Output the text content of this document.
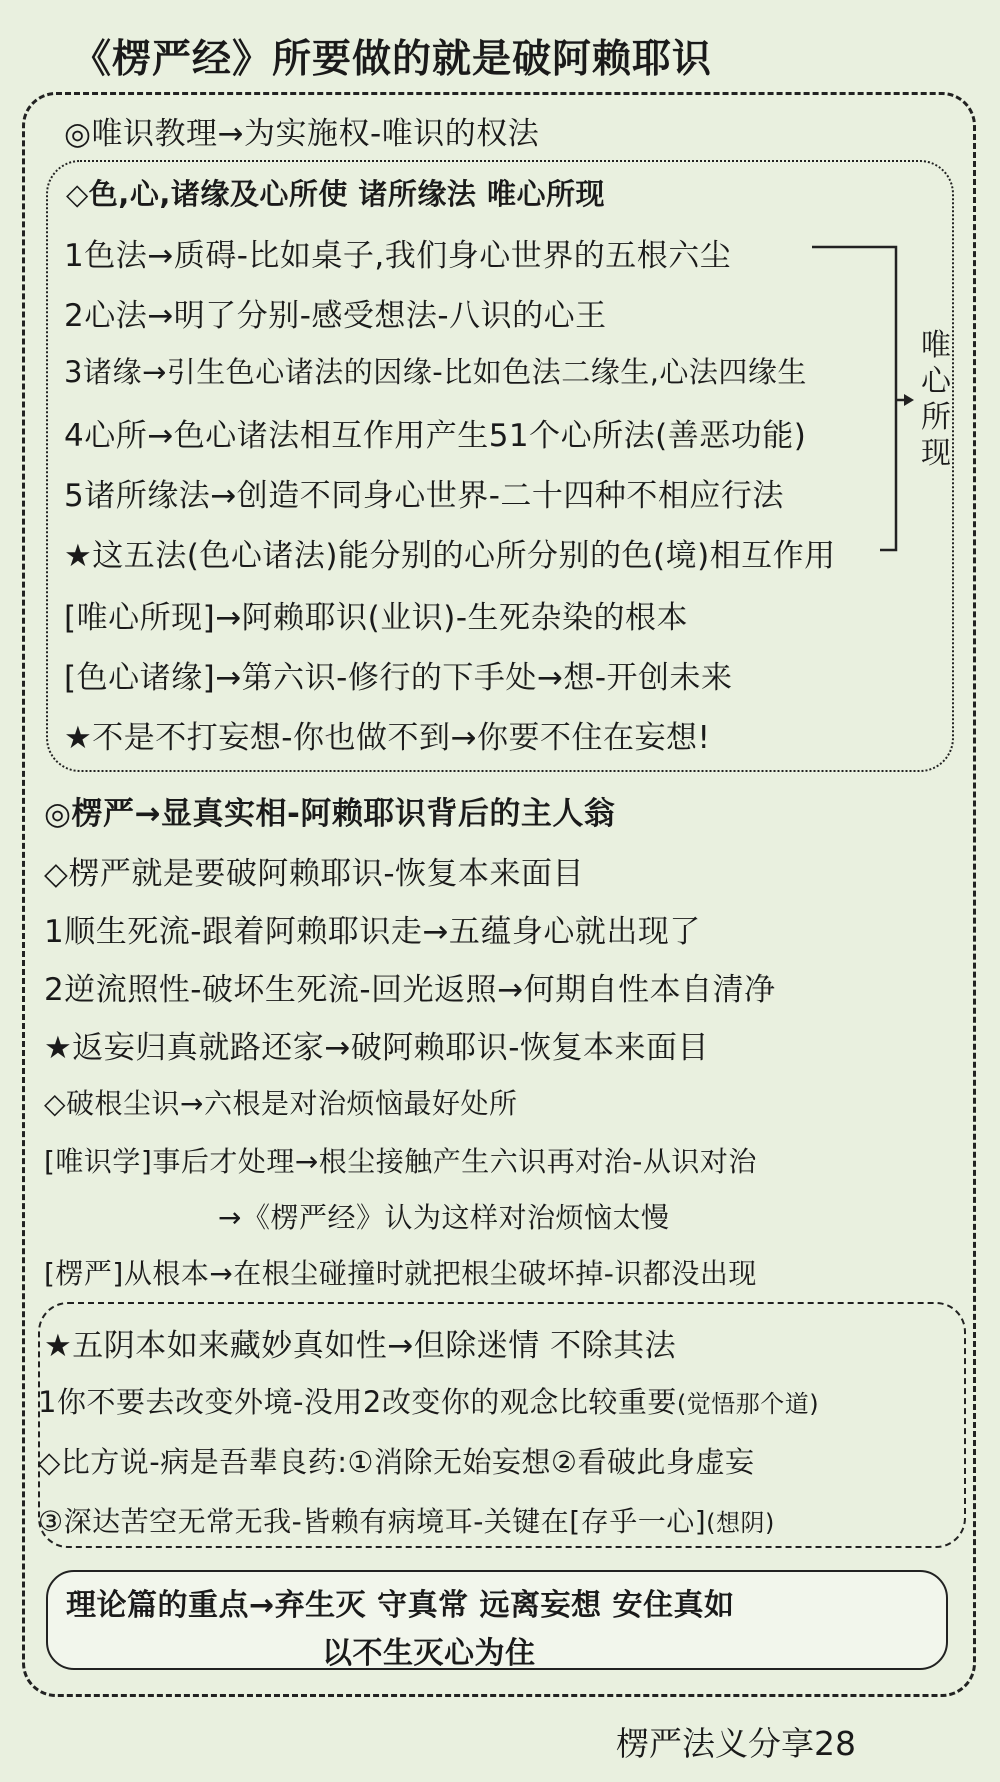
《楞严经》所要做的就是破阿赖耶识
◎唯识教理→为实施权-唯识的权法
◇色,心,诸缘及心所使 诸所缘法 唯心所现
1色法→质碍-比如桌子,我们身心世界的五根六尘
2心法→明了分别-感受想法-八识的心王
3诸缘→引生色心诸法的因缘-比如色法二缘生,心法四缘生
4心所→色心诸法相互作用产生51个心所法(善恶功能)
5诸所缘法→创造不同身心世界-二十四种不相应行法
★这五法(色心诸法)能分别的心所分别的色(境)相互作用
唯心所现
[唯心所现]→阿赖耶识(业识)-生死杂染的根本
[色心诸缘]→第六识-修行的下手处→想-开创未来
★不是不打妄想-你也做不到→你要不住在妄想!
◎楞严→显真实相-阿赖耶识背后的主人翁
◇楞严就是要破阿赖耶识-恢复本来面目
1顺生死流-跟着阿赖耶识走→五蕴身心就出现了
2逆流照性-破坏生死流-回光返照→何期自性本自清净
★返妄归真就路还家→破阿赖耶识-恢复本来面目
◇破根尘识→六根是对治烦恼最好处所
[唯识学]事后才处理→根尘接触产生六识再对治-从识对治
→《楞严经》认为这样对治烦恼太慢
[楞严]从根本→在根尘碰撞时就把根尘破坏掉-识都没出现
★五阴本如来藏妙真如性→但除迷情 不除其法
1你不要去改变外境-没用2改变你的观念比较重要(觉悟那个道)
◇比方说-病是吾辈良药:①消除无始妄想②看破此身虚妄
③深达苦空无常无我-皆赖有病境耳-关键在[存乎一心](想阴)
理论篇的重点→弃生灭 守真常 远离妄想 安住真如
以不生灭心为住
楞严法义分享28
